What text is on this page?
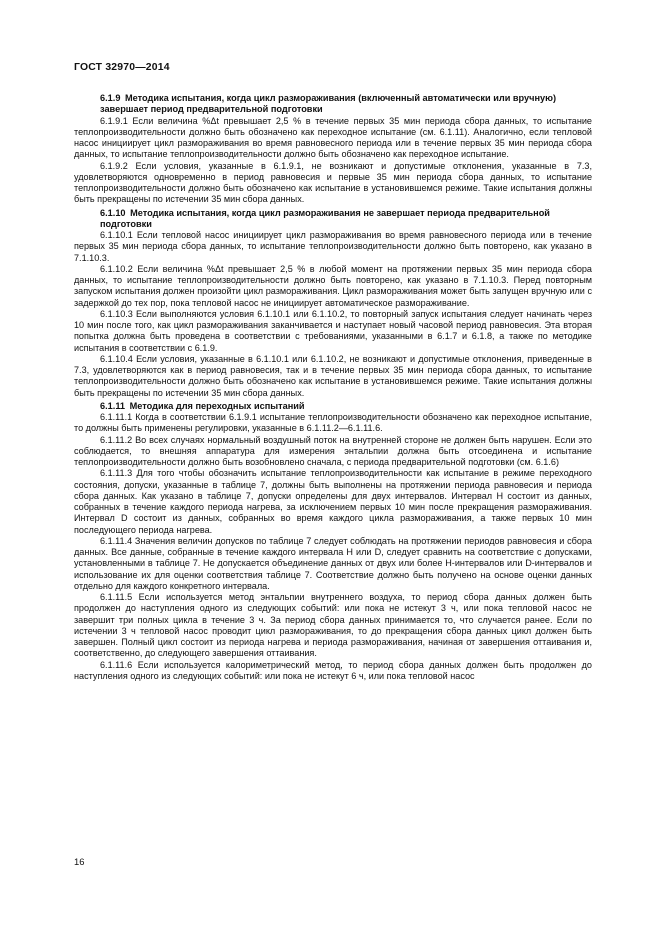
ГОСТ 32970—2014
6.1.9 Методика испытания, когда цикл размораживания (включенный автоматически или вручную) завершает период предварительной подготовки

6.1.9.1 Если величина %Δt превышает 2,5 % в течение первых 35 мин периода сбора данных, то испытание теплопроизводительности должно быть обозначено как переходное испытание (см. 6.1.11). Аналогично, если тепловой насос инициирует цикл размораживания во время равновесного периода или в течение первых 35 мин периода сбора данных, то испытание теплопроизводительности должно быть обозначено как переходное испытание.

6.1.9.2 Если условия, указанные в 6.1.9.1, не возникают и допустимые отклонения, указанные в 7.3, удовлетворяются одновременно в период равновесия и первые 35 мин периода сбора данных, то испытание теплопроизводительности должно быть обозначено как испытание в установившемся режиме. Такие испытания должны быть прекращены по истечении 35 мин сбора данных.

6.1.10 Методика испытания, когда цикл размораживания не завершает периода предварительной подготовки

6.1.10.1 Если тепловой насос инициирует цикл размораживания во время равновесного периода или в течение первых 35 мин периода сбора данных, то испытание теплопроизводительности должно быть повторено, как указано в 7.1.10.3.

6.1.10.2 Если величина %Δt превышает 2,5 % в любой момент на протяжении первых 35 мин периода сбора данных, то испытание теплопроизводительности должно быть повторено, как указано в 7.1.10.3. Перед повторным запуском испытания должен произойти цикл размораживания. Цикл размораживания может быть запущен вручную или с задержкой до тех пор, пока тепловой насос не инициирует автоматическое размораживание.

6.1.10.3 Если выполняются условия 6.1.10.1 или 6.1.10.2, то повторный запуск испытания следует начинать через 10 мин после того, как цикл размораживания заканчивается и наступает новый часовой период равновесия. Эта вторая попытка должна быть проведена в соответствии с требованиями, указанными в 6.1.7 и 6.1.8, а также по методике испытания в соответствии с 6.1.9.

6.1.10.4 Если условия, указанные в 6.1.10.1 или 6.1.10.2, не возникают и допустимые отклонения, приведенные в 7.3, удовлетворяются как в период равновесия, так и в течение первых 35 мин периода сбора данных, то испытание теплопроизводительности должно быть обозначено как испытание в установившемся режиме. Такие испытания должны быть прекращены по истечении 35 мин сбора данных.

6.1.11 Методика для переходных испытаний

6.1.11.1 Когда в соответствии 6.1.9.1 испытание теплопроизводительности обозначено как переходное испытание, то должны быть применены регулировки, указанные в 6.1.11.2—6.1.11.6.

6.1.11.2 Во всех случаях нормальный воздушный поток на внутренней стороне не должен быть нарушен. Если это соблюдается, то внешняя аппаратура для измерения энтальпии должна быть отсоединена и испытание теплопроизводительности должно быть возобновлено сначала, с периода предварительной подготовки (см. 6.1.6)

6.1.11.3 Для того чтобы обозначить испытание теплопроизводительности как испытание в режиме переходного состояния, допуски, указанные в таблице 7, должны быть выполнены на протяжении периода равновесия и периода сбора данных. Как указано в таблице 7, допуски определены для двух интервалов. Интервал H состоит из данных, собранных в течение каждого периода нагрева, за исключением первых 10 мин после прекращения размораживания. Интервал D состоит из данных, собранных во время каждого цикла размораживания, а также первых 10 мин последующего периода нагрева.

6.1.11.4 Значения величин допусков по таблице 7 следует соблюдать на протяжении периодов равновесия и сбора данных. Все данные, собранные в течение каждого интервала H или D, следует сравнить на соответствие с допусками, установленными в таблице 7. Не допускается объединение данных от двух или более H-интервалов или D-интервалов и использование их для оценки соответствия таблице 7. Соответствие должно быть получено на основе оценки данных отдельно для каждого конкретного интервала.

6.1.11.5 Если используется метод энтальпии внутреннего воздуха, то период сбора данных должен быть продолжен до наступления одного из следующих событий: или пока не истекут 3 ч, или пока тепловой насос не завершит три полных цикла в течение 3 ч. За период сбора данных принимается то, что случается ранее. Если по истечении 3 ч тепловой насос проводит цикл размораживания, то до прекращения сбора данных цикл должен быть завершен. Полный цикл состоит из периода нагрева и периода размораживания, начиная от завершения оттаивания и, соответственно, до следующего завершения оттаивания.

6.1.11.6 Если используется калориметрический метод, то период сбора данных должен быть продолжен до наступления одного из следующих событий: или пока не истекут 6 ч, или пока тепловой насос

16
